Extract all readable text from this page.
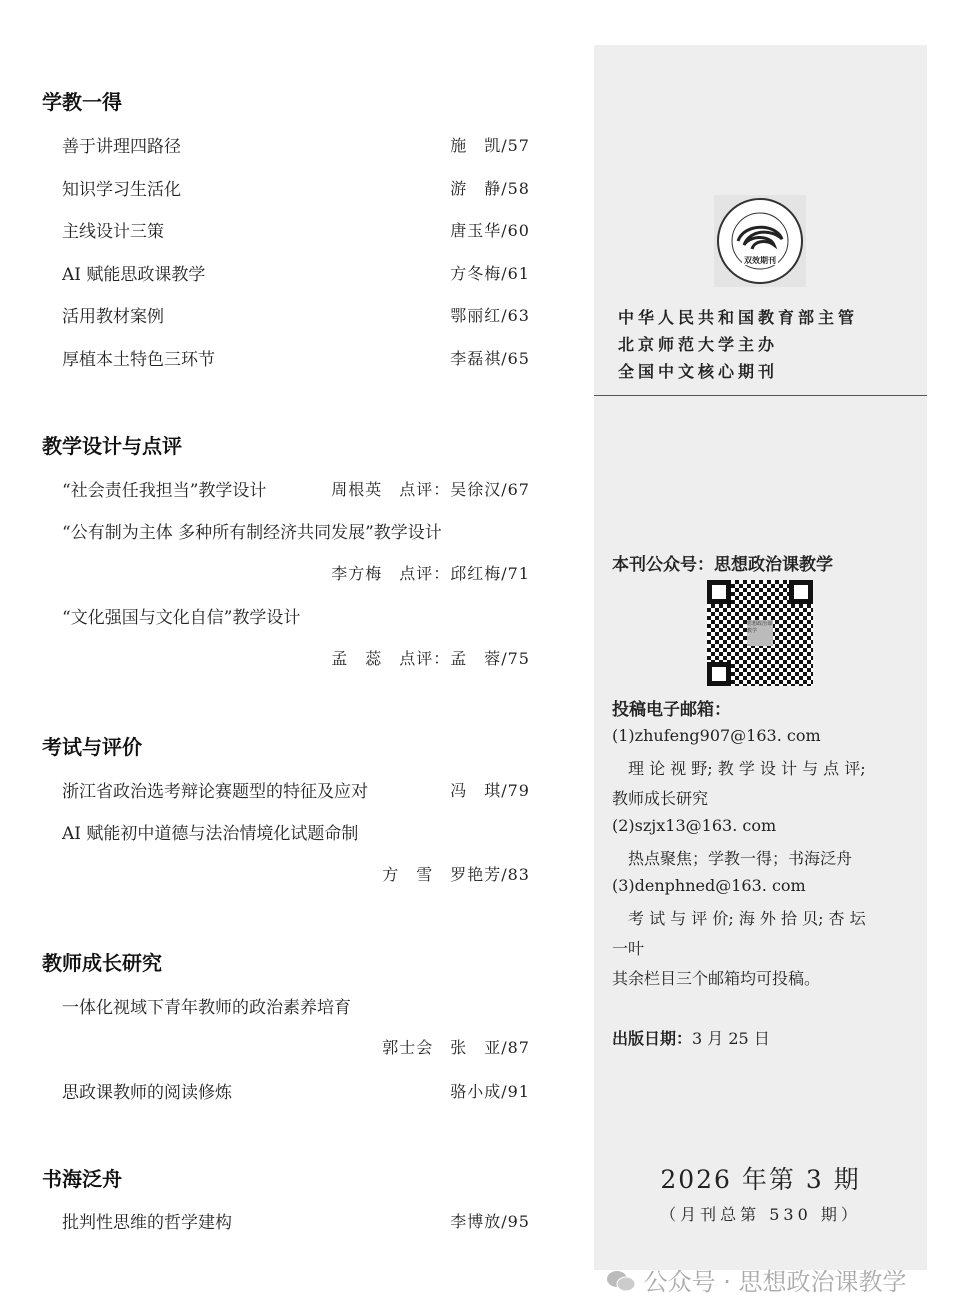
学教一得
善于讲理四路径	施　凯/57
知识学习生活化	游　静/58
主线设计三策	唐玉华/60
AI 赋能思政课教学	方冬梅/61
活用教材案例	鄂丽红/63
厚植本土特色三环节	李磊祺/65
教学设计与点评
“社会责任我担当”教学设计	周根英　点评：吴徐汉/67
“公有制为主体 多种所有制经济共同发展”教学设计
李方梅　点评：邱红梅/71
“文化强国与文化自信”教学设计
孟　蕊　点评：孟　蓉/75
考试与评价
浙江省政治选考辩论赛题型的特征及应对	冯　琪/79
AI 赋能初中道德与法治情境化试题命制
方　雪　罗艳芳/83
教师成长研究
一体化视域下青年教师的政治素养培育
郭士会　张　亚/87
思政课教师的阅读修炼	骆小成/91
书海泛舟
批判性思维的哲学建构	李博放/95
双效期刊
中华人民共和国教育部主管
北京师范大学主办
全国中文核心期刊
本刊公众号：思想政治课教学
思想政治课教学
投稿电子邮箱：
(1)zhufeng907@163. com
　理 论 视 野; 教 学 设 计 与 点 评;
教师成长研究
(2)szjx13@163. com
　热点聚焦；学教一得；书海泛舟
(3)denphned@163. com
　考 试 与 评 价; 海 外 拾 贝; 杏 坛
一叶
其余栏目三个邮箱均可投稿。
出版日期：3 月 25 日
2026 年第 3 期
（月刊总第 530 期）
公众号 · 思想政治课教学
